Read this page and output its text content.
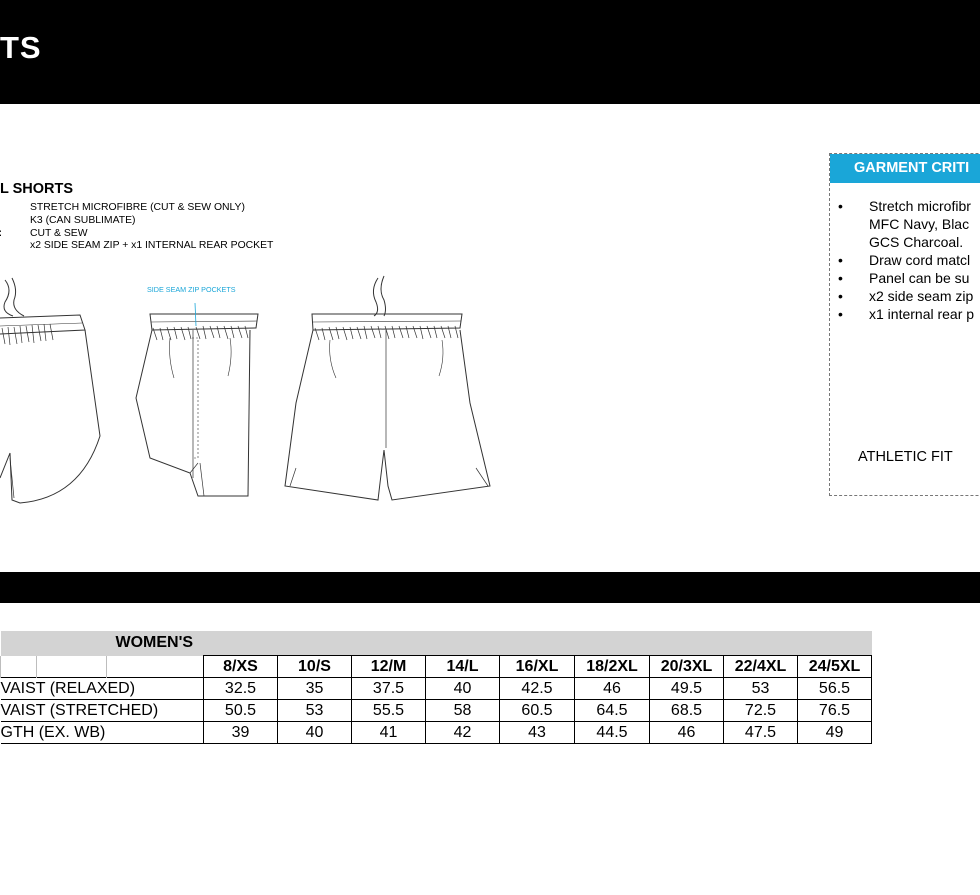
TS
L SHORTS
STRETCH MICROFIBRE (CUT & SEW ONLY)
K3 (CAN SUBLIMATE)
CUT & SEW
x2 SIDE SEAM ZIP + x1 INTERNAL REAR POCKET
SIDE SEAM ZIP POCKETS
GARMENT CRITI
• Stretch microfibr
MFC Navy, Blac
GCS Charcoal.
• Draw cord matcl
• Panel can be su
• x2 side seam zip
• x1 internal rear p
ATHLETIC FIT
		WOMEN'S									
			8/XS	10/S	12/M	14/L	16/XL	18/2XL	20/3XL	22/4XL	24/5XL
VAIST (RELAXED)			32.5	35	37.5	40	42.5	46	49.5	53	56.5
VAIST (STRETCHED)			50.5	53	55.5	58	60.5	64.5	68.5	72.5	76.5
GTH (EX. WB)			39	40	41	42	43	44.5	46	47.5	49
